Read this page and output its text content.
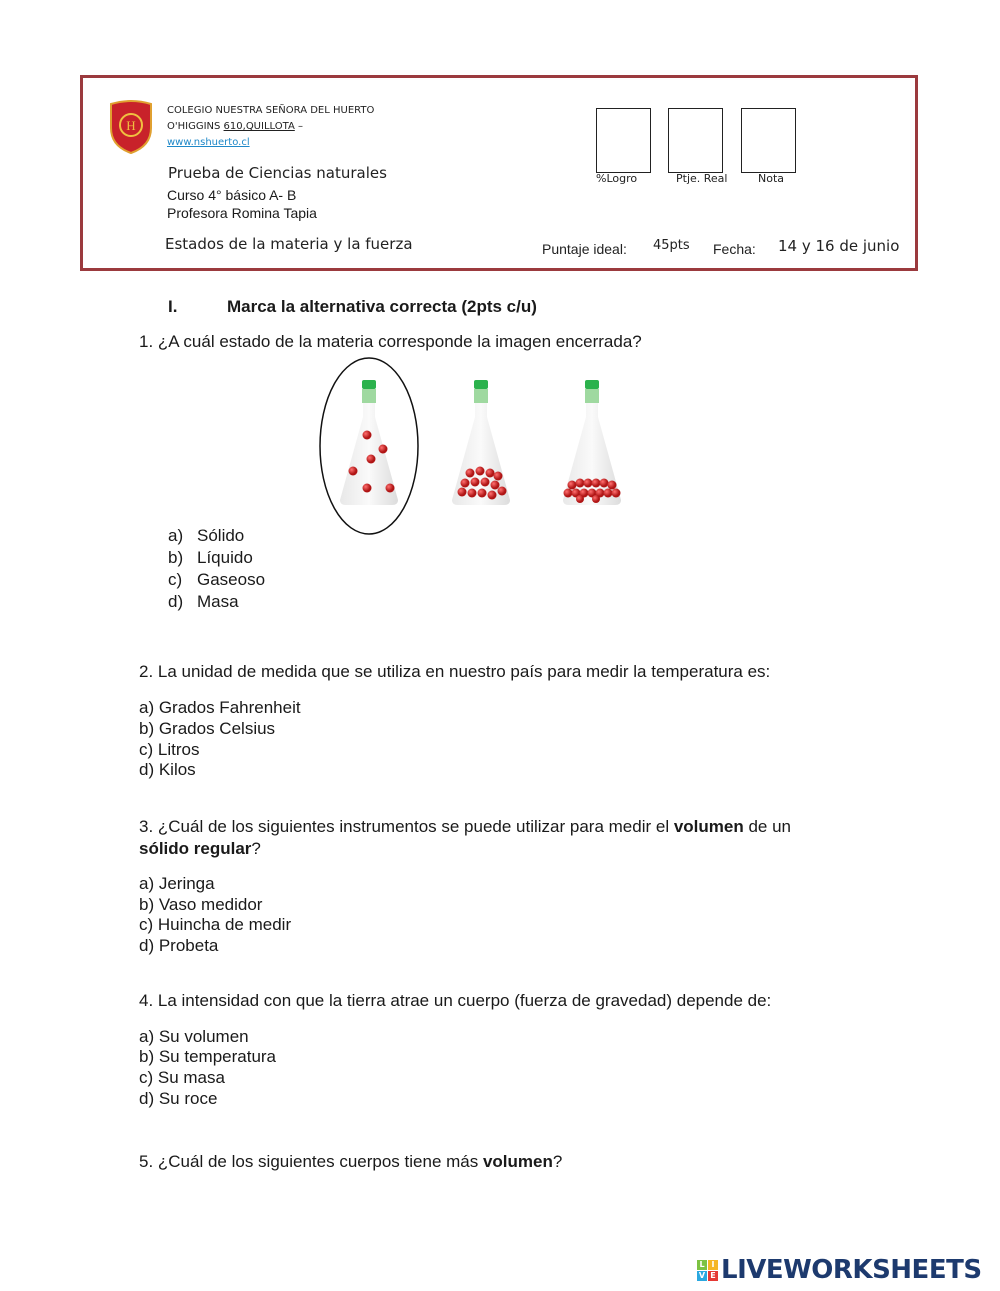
H
COLEGIO NUESTRA SEÑORA DEL HUERTO
O'HIGGINS 610,QUILLOTA –
www.nshuerto.cl
Prueba de Ciencias naturales
Curso 4° básico A- B
Profesora Romina Tapia
Estados de la materia y la fuerza
%Logro	Ptje. Real	Nota
Puntaje ideal: 45pts Fecha: 14 y 16 de junio
I.	Marca la alternativa correcta (2pts c/u)
1. ¿A cuál estado de la materia corresponde la imagen encerrada?
a) Sólido
b) Líquido
c) Gaseoso
d) Masa
2. La unidad de medida que se utiliza en nuestro país para medir la temperatura es:
a) Grados Fahrenheit
b) Grados Celsius
c) Litros
d) Kilos
3. ¿Cuál de los siguientes instrumentos se puede utilizar para medir el volumen de un
sólido regular?
a) Jeringa
b) Vaso medidor
c) Huincha de medir
d) Probeta
4. La intensidad con que la tierra atrae un cuerpo (fuerza de gravedad) depende de:
a) Su volumen
b) Su temperatura
c) Su masa
d) Su roce
5. ¿Cuál de los siguientes cuerpos tiene más volumen?
L I
V E LIVEWORKSHEETS
